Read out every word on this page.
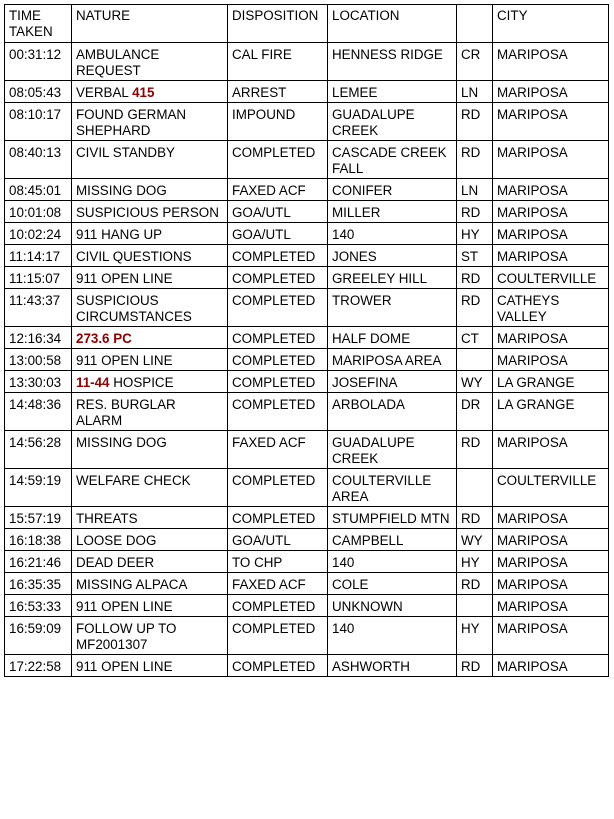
TIME TAKEN	NATURE	DISPOSITION	LOCATION		CITY
00:31:12	AMBULANCE REQUEST	CAL FIRE	HENNESS RIDGE	CR	MARIPOSA
08:05:43	VERBAL 415	ARREST	LEMEE	LN	MARIPOSA
08:10:17	FOUND GERMAN SHEPHARD	IMPOUND	GUADALUPE CREEK	RD	MARIPOSA
08:40:13	CIVIL STANDBY	COMPLETED	CASCADE CREEK FALL	RD	MARIPOSA
08:45:01	MISSING DOG	FAXED ACF	CONIFER	LN	MARIPOSA
10:01:08	SUSPICIOUS PERSON	GOA/UTL	MILLER	RD	MARIPOSA
10:02:24	911 HANG UP	GOA/UTL	140	HY	MARIPOSA
11:14:17	CIVIL QUESTIONS	COMPLETED	JONES	ST	MARIPOSA
11:15:07	911 OPEN LINE	COMPLETED	GREELEY HILL	RD	COULTERVILLE
11:43:37	SUSPICIOUS CIRCUMSTANCES	COMPLETED	TROWER	RD	CATHEYS VALLEY
12:16:34	273.6 PC	COMPLETED	HALF DOME	CT	MARIPOSA
13:00:58	911 OPEN LINE	COMPLETED	MARIPOSA AREA		MARIPOSA
13:30:03	11-44 HOSPICE	COMPLETED	JOSEFINA	WY	LA GRANGE
14:48:36	RES. BURGLAR ALARM	COMPLETED	ARBOLADA	DR	LA GRANGE
14:56:28	MISSING DOG	FAXED ACF	GUADALUPE CREEK	RD	MARIPOSA
14:59:19	WELFARE CHECK	COMPLETED	COULTERVILLE AREA		COULTERVILLE
15:57:19	THREATS	COMPLETED	STUMPFIELD MTN	RD	MARIPOSA
16:18:38	LOOSE DOG	GOA/UTL	CAMPBELL	WY	MARIPOSA
16:21:46	DEAD DEER	TO CHP	140	HY	MARIPOSA
16:35:35	MISSING ALPACA	FAXED ACF	COLE	RD	MARIPOSA
16:53:33	911 OPEN LINE	COMPLETED	UNKNOWN		MARIPOSA
16:59:09	FOLLOW UP TO MF2001307	COMPLETED	140	HY	MARIPOSA
17:22:58	911 OPEN LINE	COMPLETED	ASHWORTH	RD	MARIPOSA
